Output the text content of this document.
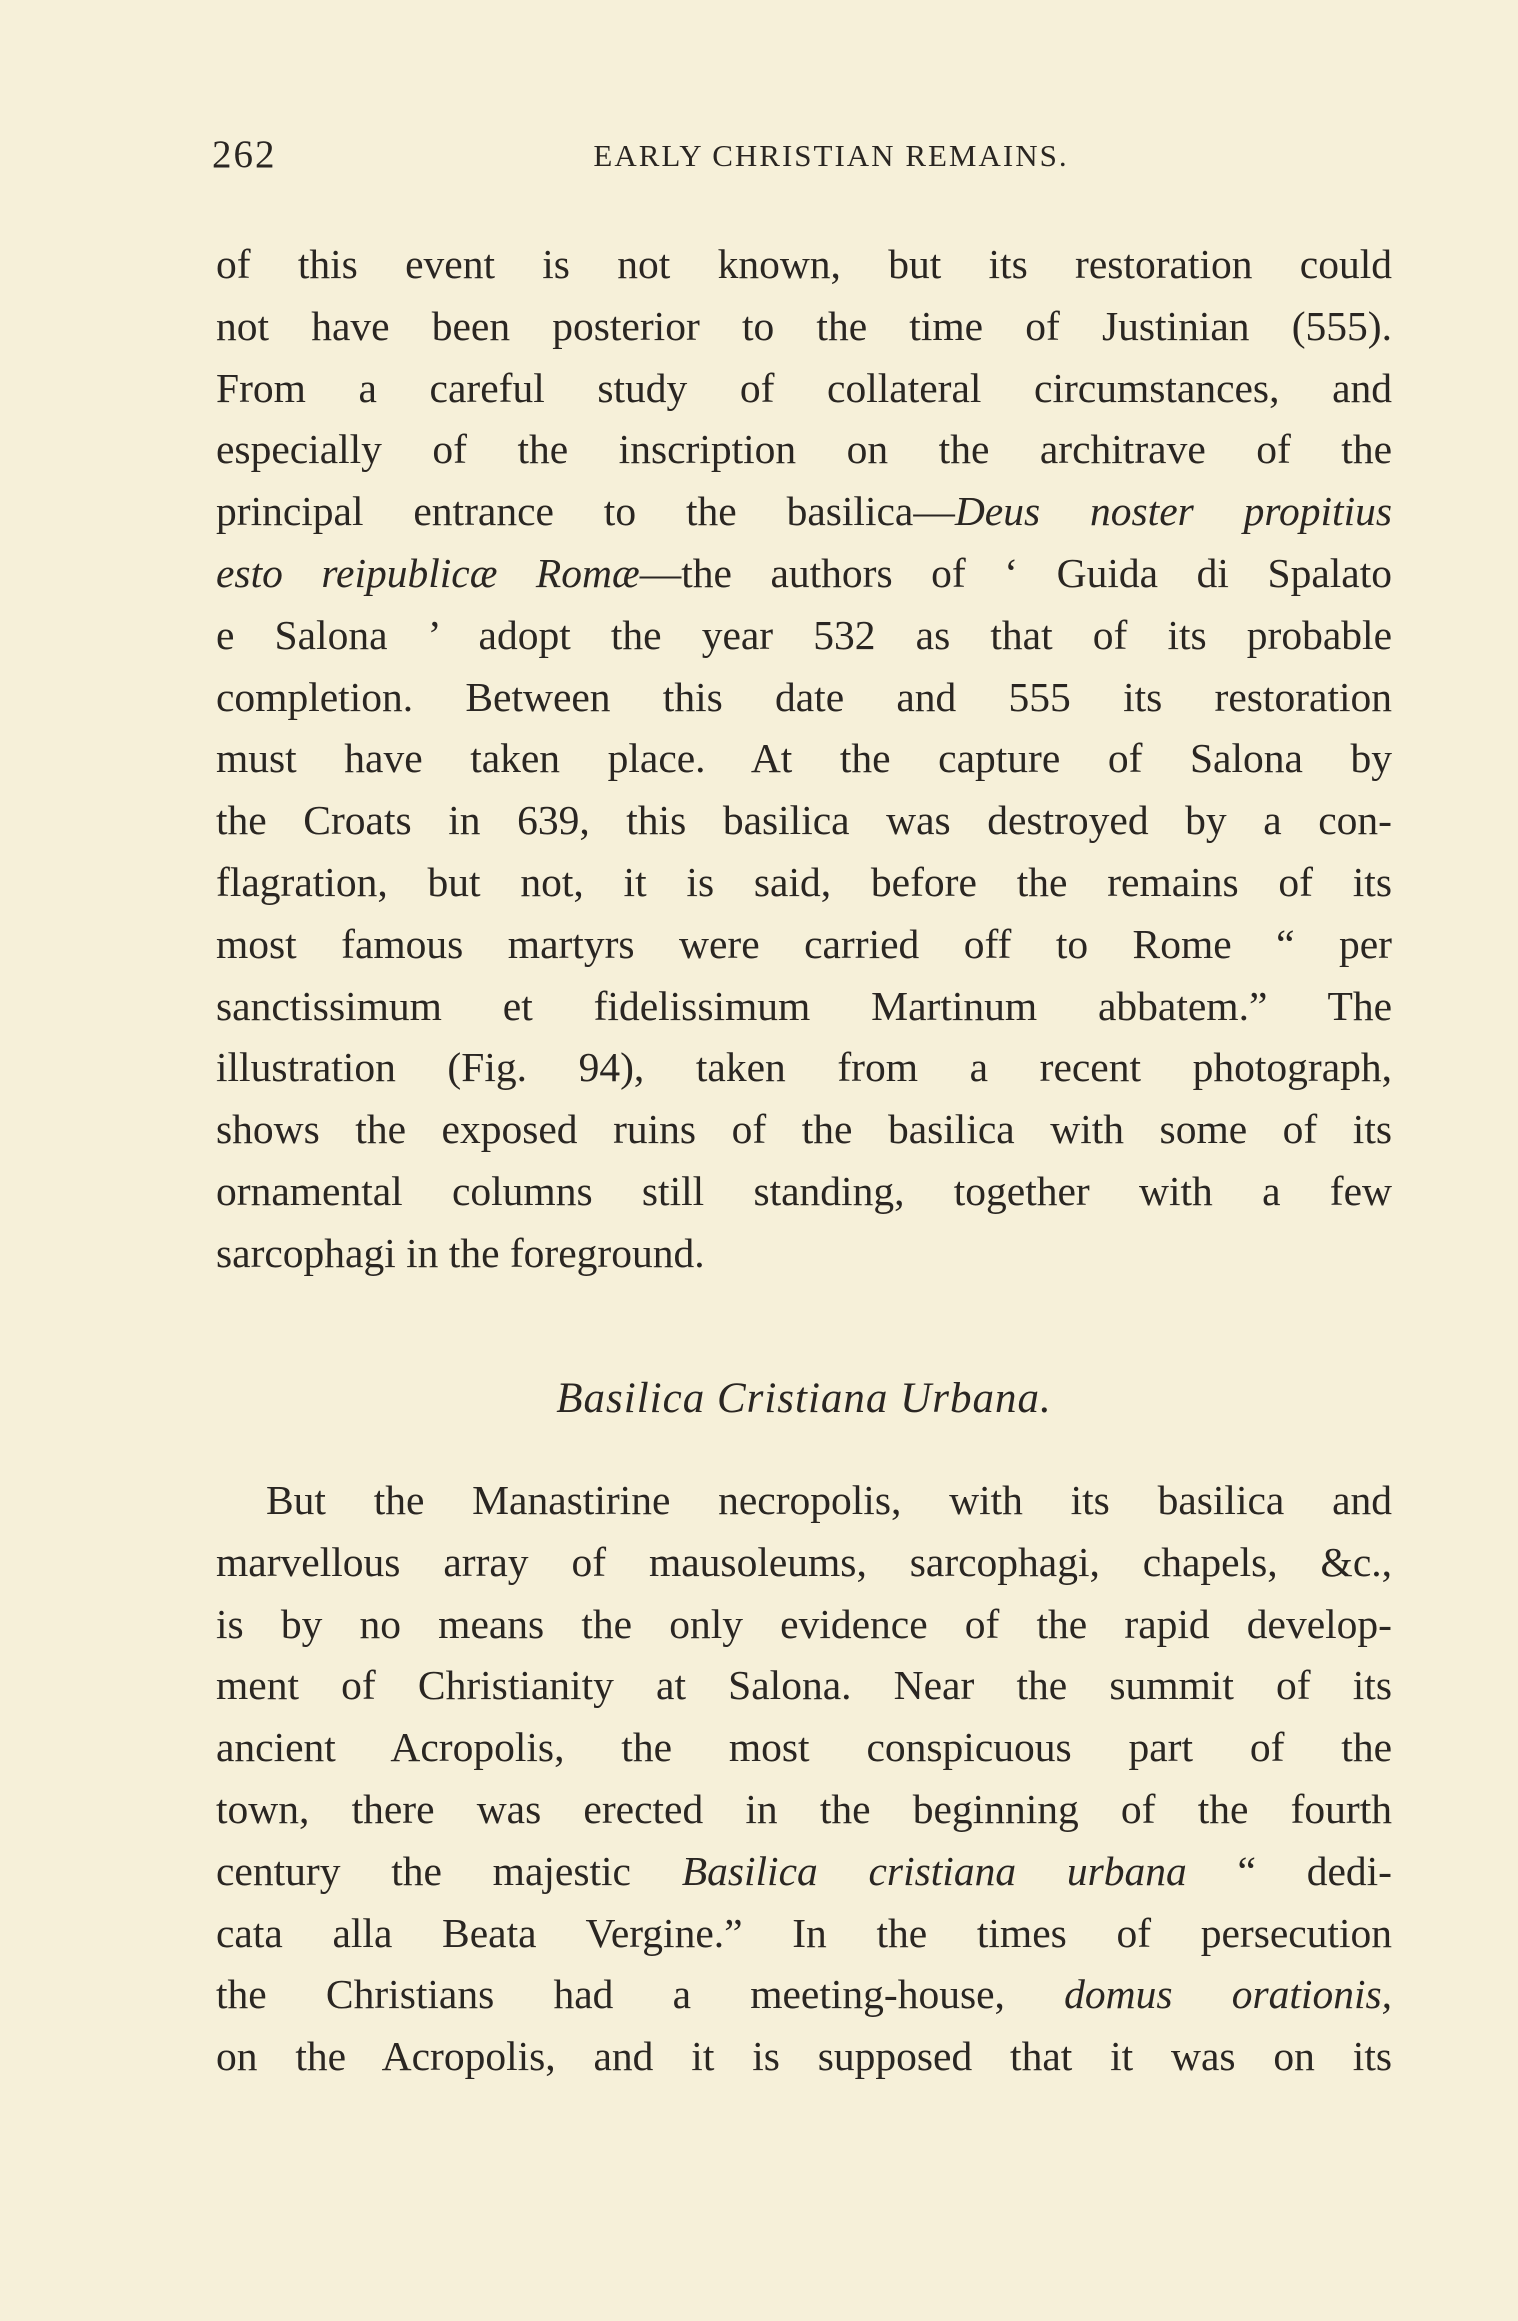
262	EARLY CHRISTIAN REMAINS.
of this event is not known, but its restoration could
not have been posterior to the time of Justinian (555).
From a careful study of collateral circumstances, and
especially of the inscription on the architrave of the
principal entrance to the basilica—Deus noster propitius
esto reipublicæ Romæ—the authors of ‘ Guida di Spalato
e Salona ’ adopt the year 532 as that of its probable
completion. Between this date and 555 its restoration
must have taken place. At the capture of Salona by
the Croats in 639, this basilica was destroyed by a con-
flagration, but not, it is said, before the remains of its
most famous martyrs were carried off to Rome “ per
sanctissimum et fidelissimum Martinum abbatem.” The
illustration (Fig. 94), taken from a recent photograph,
shows the exposed ruins of the basilica with some of its
ornamental columns still standing, together with a few
sarcophagi in the foreground.
Basilica Cristiana Urbana.
But the Manastirine necropolis, with its basilica and
marvellous array of mausoleums, sarcophagi, chapels, &c.,
is by no means the only evidence of the rapid develop-
ment of Christianity at Salona. Near the summit of its
ancient Acropolis, the most conspicuous part of the
town, there was erected in the beginning of the fourth
century the majestic Basilica cristiana urbana “ dedi-
cata alla Beata Vergine.” In the times of persecution
the Christians had a meeting-house, domus orationis,
on the Acropolis, and it is supposed that it was on its
